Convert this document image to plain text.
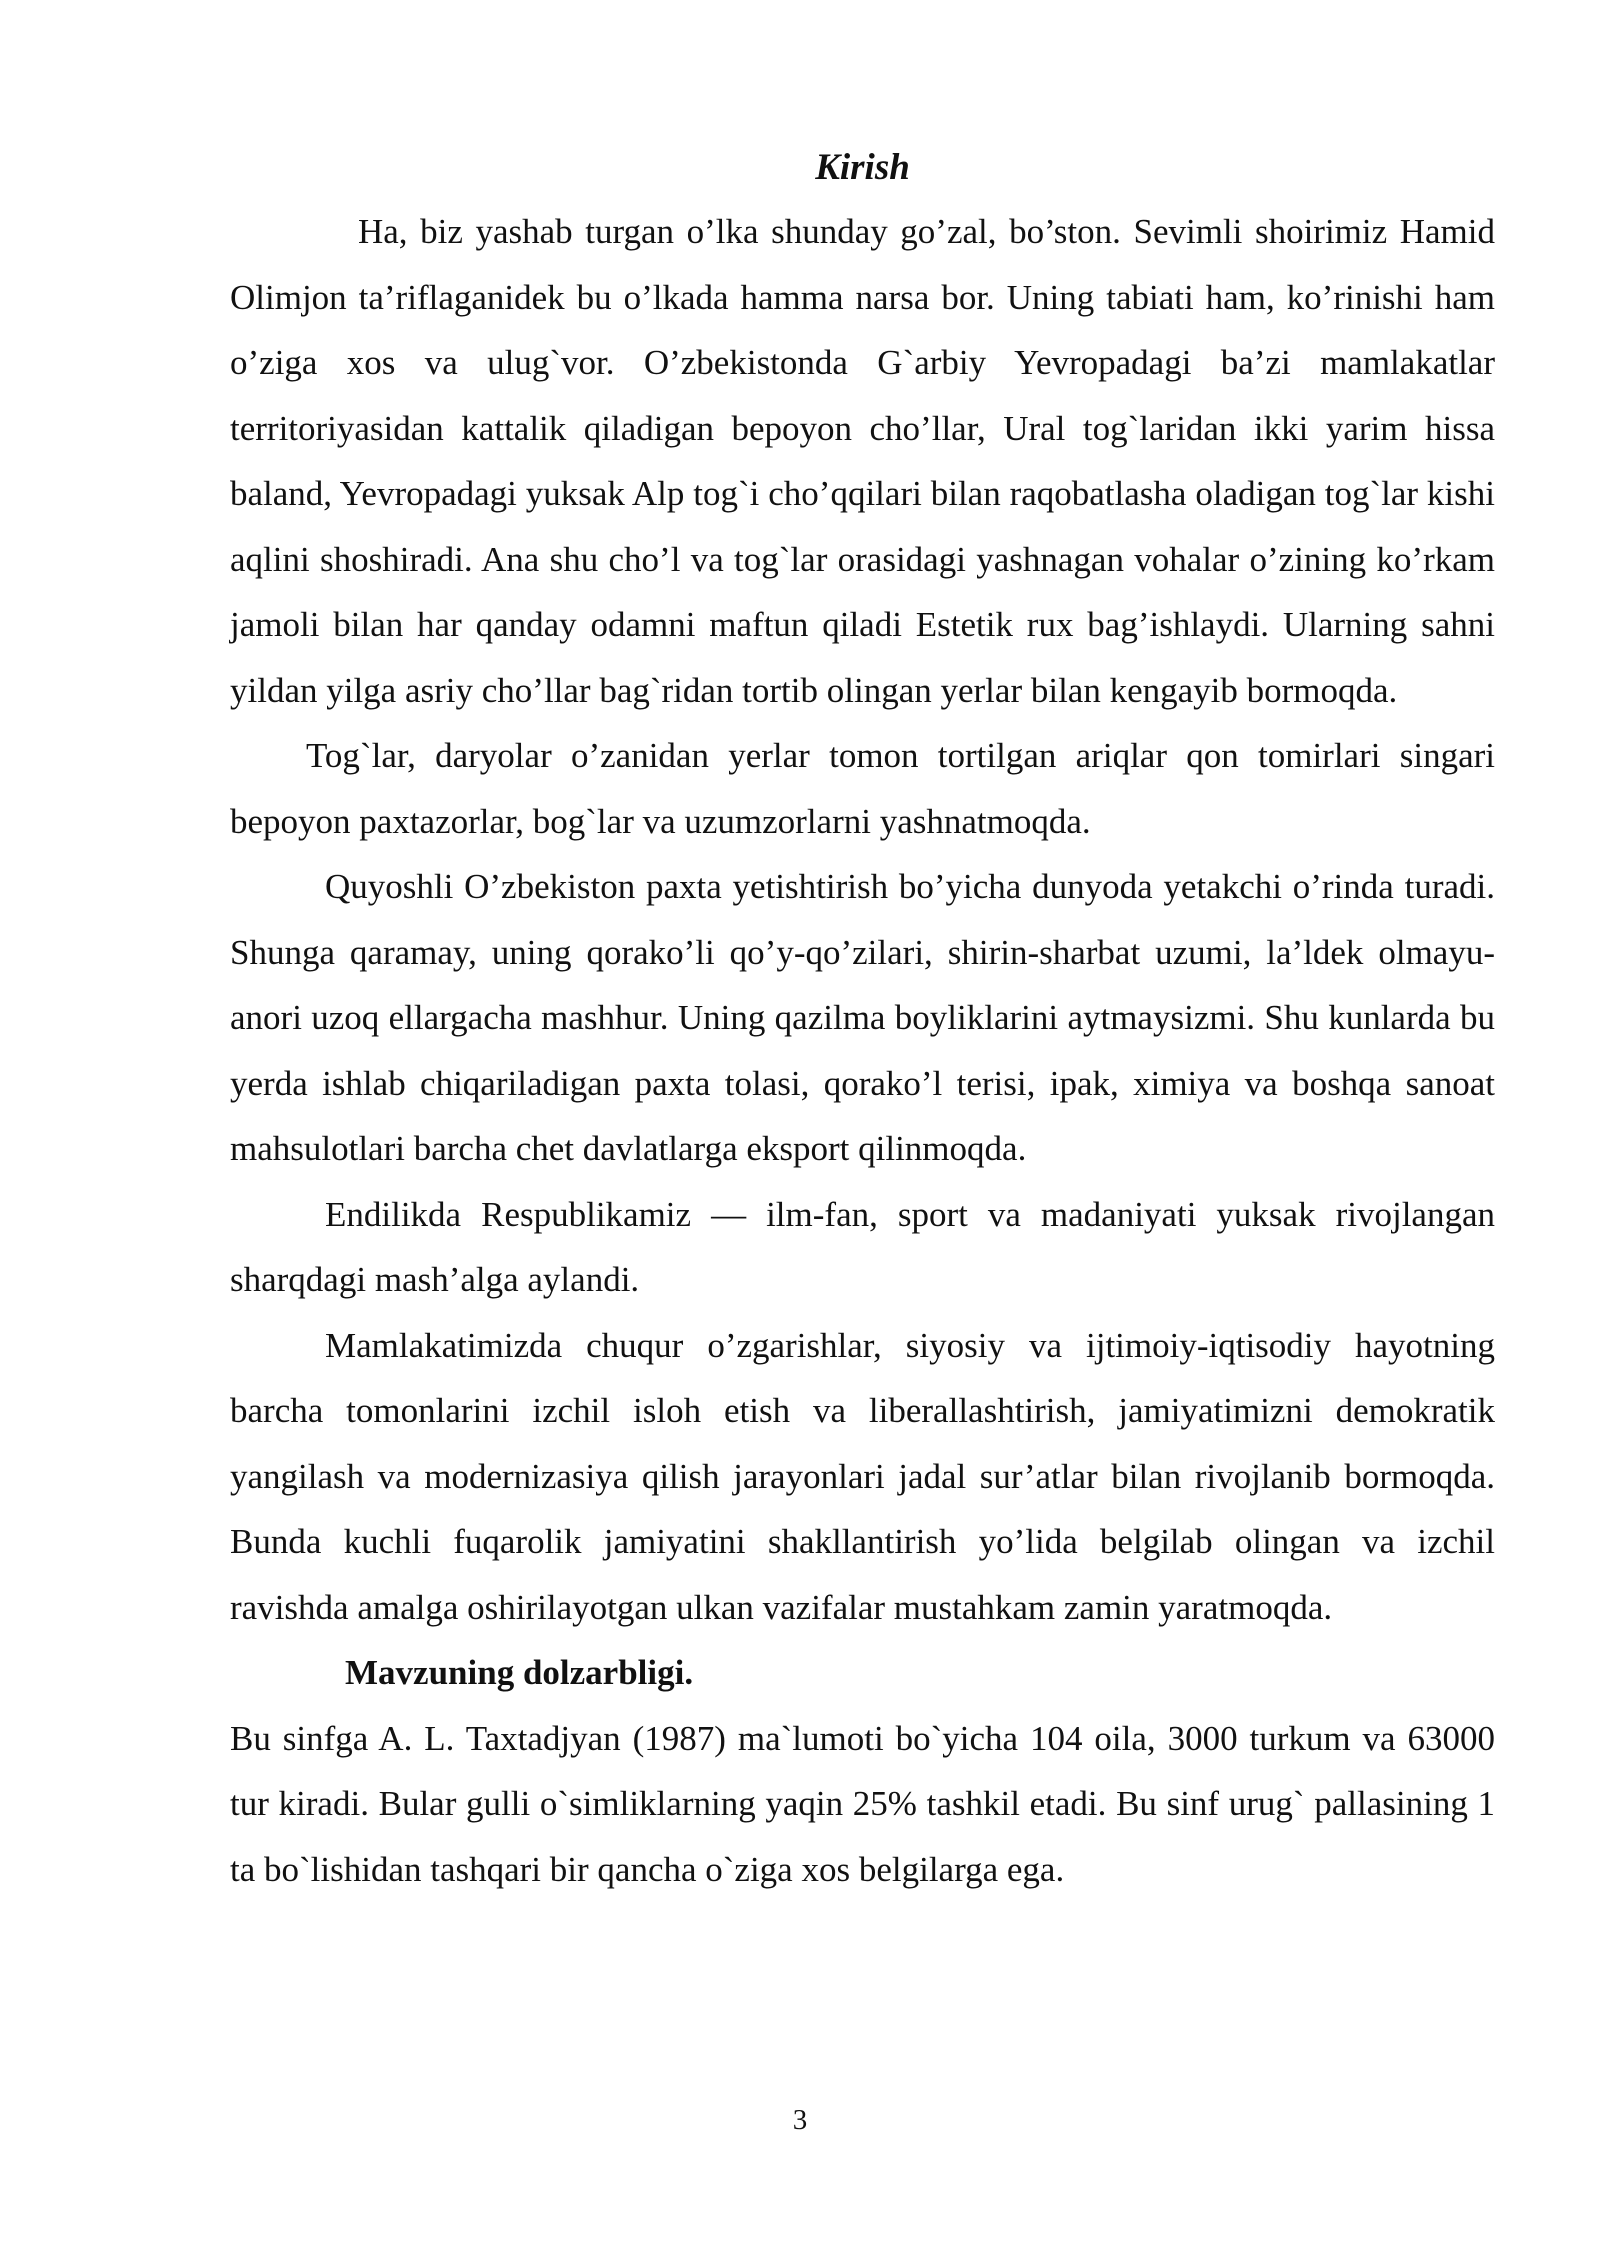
Kirish

Ha, biz yashab turgan o’lka shunday go’zal, bo’ston. Sevimli shoirimiz Hamid Olimjon ta’riflaganidek bu o’lkada hamma narsa bor. Uning tabiati ham, ko’rinishi ham o’ziga xos va ulug`vor. O’zbekistonda G`arbiy Yevropadagi ba’zi mamlakatlar territoriyasidan kattalik qiladigan bepoyon cho’llar, Ural tog`laridan ikki yarim hissa baland, Yevropadagi yuksak Alp tog`i cho’qqilari bilan raqobatlasha oladigan tog`lar kishi aqlini shoshiradi. Ana shu cho’l va tog`lar orasidagi yashnagan vohalar o’zining ko’rkam jamoli bilan har qanday odamni maftun qiladi Estetik rux bag’ishlaydi. Ularning sahni yildan yilga asriy cho’llar bag`ridan tortib olingan yerlar bilan kengayib bormoqda.

Tog`lar, daryolar o’zanidan yerlar tomon tortilgan ariqlar qon tomirlari singari bepoyon paxtazorlar, bog`lar va uzumzorlarni yashnatmoqda.

Quyoshli O’zbekiston paxta yetishtirish bo’yicha dunyoda yetakchi o’rinda turadi. Shunga qaramay, uning qorako’li qo’y-qo’zilari, shirin-sharbat uzumi, la’ldek olmayu-anori uzoq ellargacha mashhur. Uning qazilma boyliklarini aytmaysizmi. Shu kunlarda bu yerda ishlab chiqariladigan paxta tolasi, qorako’l terisi, ipak, ximiya va boshqa sanoat mahsulotlari barcha chet davlatlarga eksport qilinmoqda.

Endilikda Respublikamiz — ilm-fan, sport va madaniyati yuksak rivojlangan sharqdagi mash’alga aylandi.

Mamlakatimizda chuqur o’zgarishlar, siyosiy va ijtimoiy-iqtisodiy hayotning barcha tomonlarini izchil isloh etish va liberallashtirish, jamiyatimizni demokratik yangilash va modernizasiya qilish jarayonlari jadal sur’atlar bilan rivojlanib bormoqda. Bunda kuchli fuqarolik jamiyatini shakllantirish yo’lida belgilab olingan va izchil ravishda amalga oshirilayotgan ulkan vazifalar mustahkam zamin yaratmoqda.

Mavzuning dolzarbligi.

Bu sinfga A. L. Taxtadjyan (1987) ma`lumoti bo`yicha 104 oila, 3000 turkum va 63000 tur kiradi. Bular gulli o`simliklarning yaqin 25% tashkil etadi. Bu sinf urug` pallasining 1 ta bo`lishidan tashqari bir qancha o`ziga xos belgilarga ega.

3
